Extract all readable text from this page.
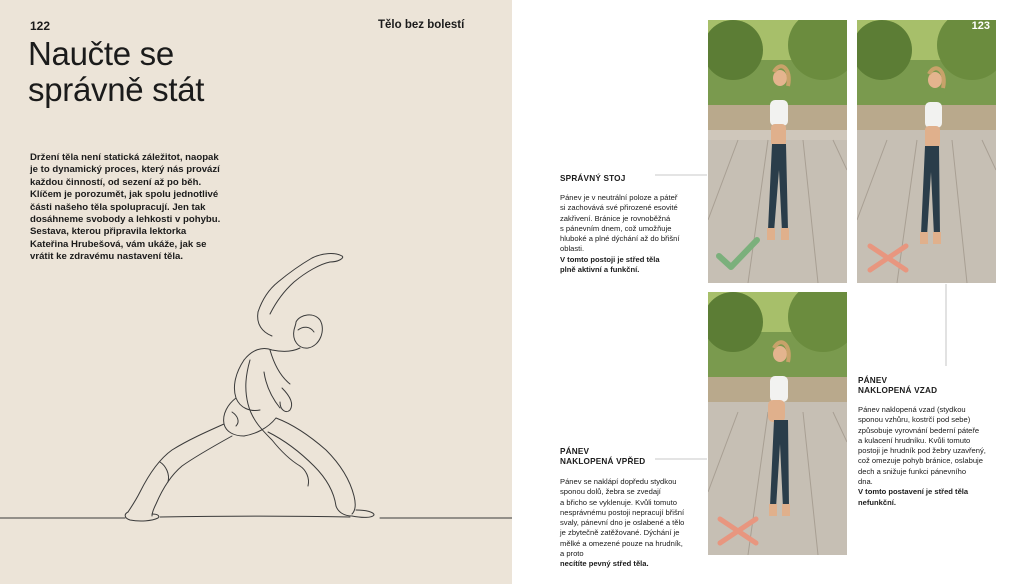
122	Tělo bez bolestí
Naučte se
správně stát
Držení těla není statická záležitot, naopak
je to dynamický proces, který nás provází
každou činností, od sezení až po běh.
Klíčem je porozumět, jak spolu jednotlivé
části našeho těla spolupracují. Jen tak
dosáhneme svobody a lehkosti v pohybu.
Sestava, kterou připravila lektorka
Kateřina Hrubešová, vám ukáže, jak se
vrátit ke zdravému nastavení těla.
123
SPRÁVNÝ STOJ
Pánev je v neutrální poloze a páteř
si zachovává své přirozené esovité
zakřivení. Bránice je rovnoběžná
s pánevním dnem, což umožňuje
hluboké a plné dýchání až do břišní
oblasti.
V tomto postoji je střed těla
plně aktivní a funkční.
PÁNEV
NAKLOPENÁ VZAD
Pánev naklopená vzad (stydkou
sponou vzhůru, kostrčí pod sebe)
způsobuje vyrovnání bederní páteře
a kulacení hrudníku. Kvůli tomuto
postoji je hrudník pod žebry uzavřený,
což omezuje pohyb bránice, oslabuje
dech a snižuje funkci pánevního
dna.
V tomto postavení je střed těla
nefunkční.
PÁNEV
NAKLOPENÁ VPŘED
Pánev se naklápí dopředu stydkou
sponou dolů, žebra se zvedají
a břicho se vyklenuje. Kvůli tomuto
nesprávnému postoji nepracují břišní
svaly, pánevní dno je oslabené a tělo
je zbytečně zatěžované. Dýchání je
mělké a omezené pouze na hrudník,
a proto
necítíte pevný střed těla.
